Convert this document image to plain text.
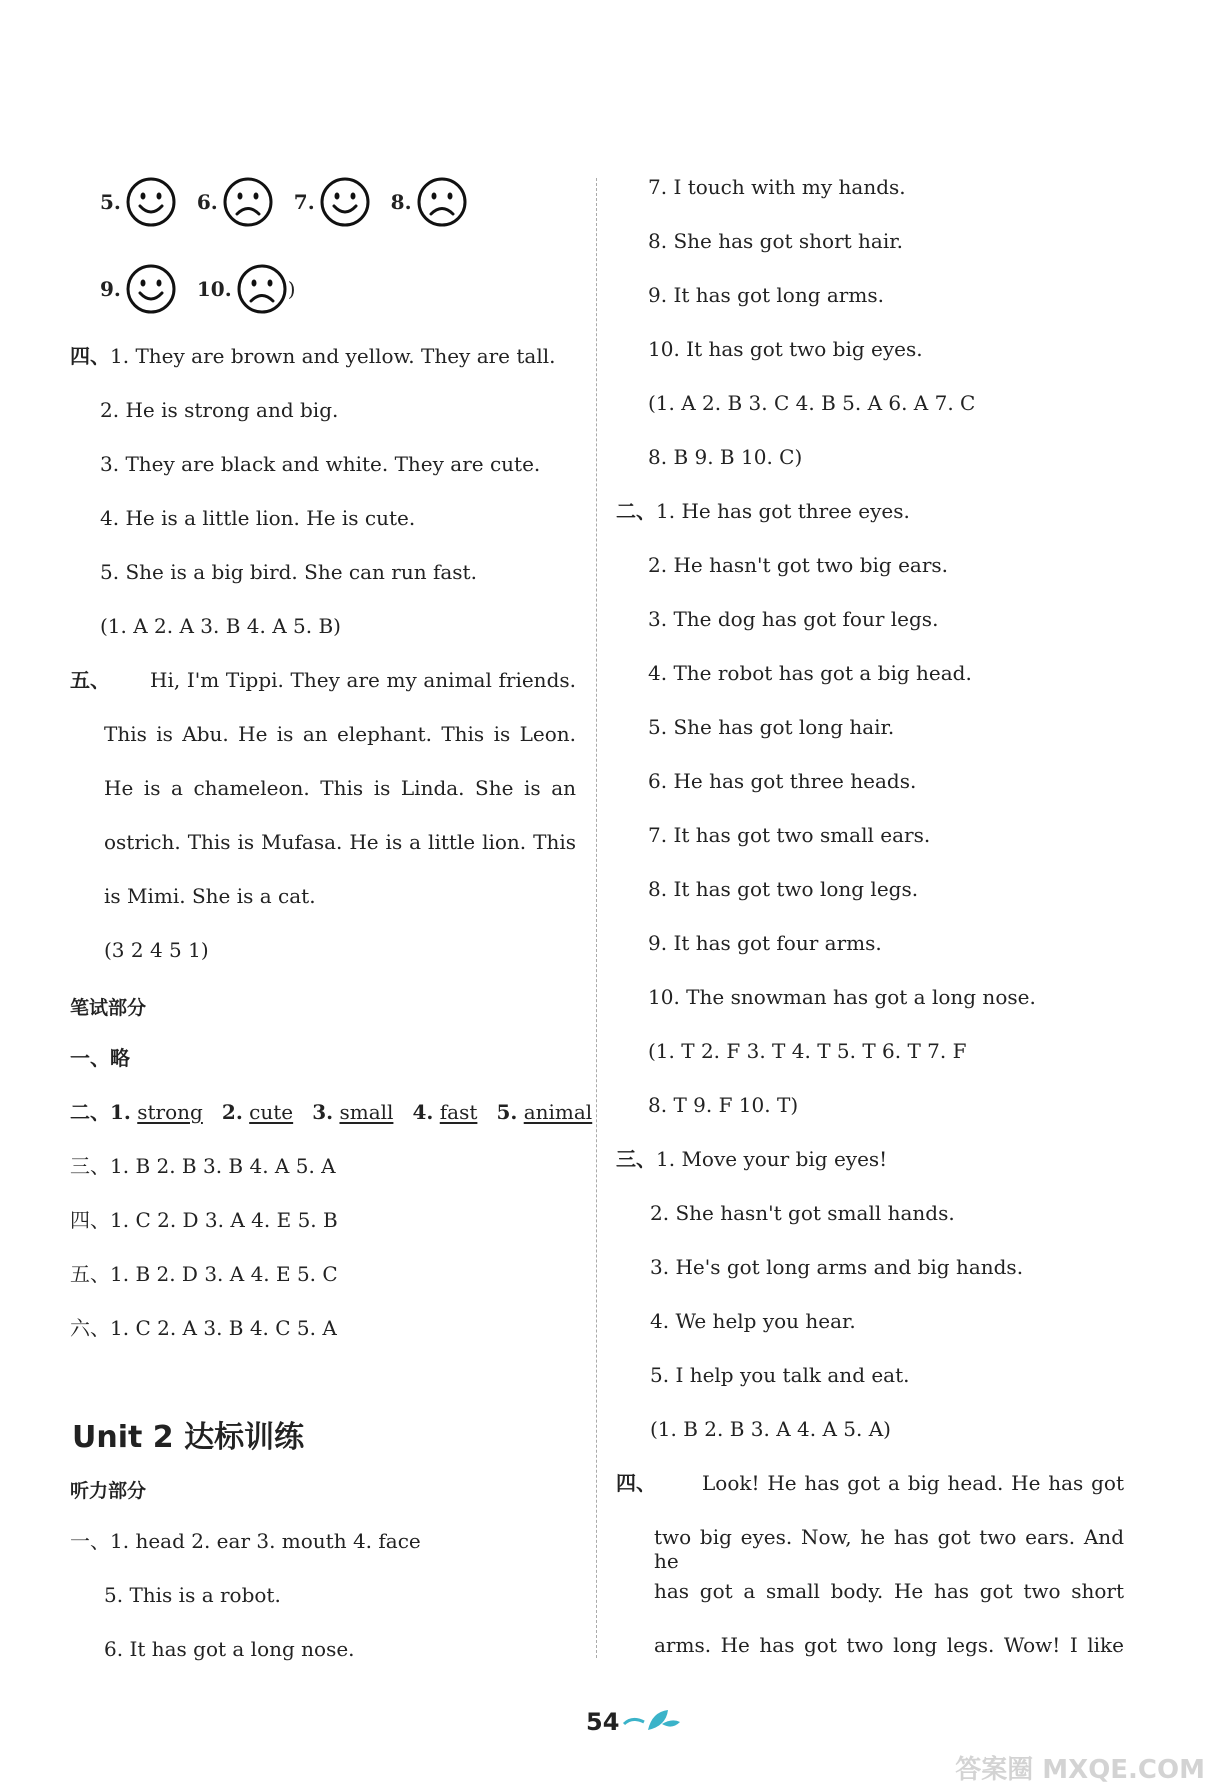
5.	6.	7.	8.
9.	10.	)
四、1. They are brown and yellow. They are tall.
2. He is strong and big.
3. They are black and white. They are cute.
4. He is a little lion. He is cute.
5. She is a big bird. She can run fast.
(1. A 2. A 3. B 4. A 5. B)
五、 Hi, I'm Tippi. They are my animal friends.
This is Abu. He is an elephant. This is Leon.
He is a chameleon. This is Linda. She is an
ostrich. This is Mufasa. He is a little lion. This
is Mimi. She is a cat.
(3 2 4 5 1)
笔试部分
一、略
二、1. strong 2. cute 3. small 4. fast 5. animal
三、1. B 2. B 3. B 4. A 5. A
四、1. C 2. D 3. A 4. E 5. B
五、1. B 2. D 3. A 4. E 5. C
六、1. C 2. A 3. B 4. C 5. A
Unit 2 达标训练
听力部分
一、1. head 2. ear 3. mouth 4. face
5. This is a robot.
6. It has got a long nose.
7. I touch with my hands.
8. She has got short hair.
9. It has got long arms.
10. It has got two big eyes.
(1. A 2. B 3. C 4. B 5. A 6. A 7. C
8. B 9. B 10. C)
二、1. He has got three eyes.
2. He hasn't got two big ears.
3. The dog has got four legs.
4. The robot has got a big head.
5. She has got long hair.
6. He has got three heads.
7. It has got two small ears.
8. It has got two long legs.
9. It has got four arms.
10. The snowman has got a long nose.
(1. T 2. F 3. T 4. T 5. T 6. T 7. F
8. T 9. F 10. T)
三、1. Move your big eyes!
2. She hasn't got small hands.
3. He's got long arms and big hands.
4. We help you hear.
5. I help you talk and eat.
(1. B 2. B 3. A 4. A 5. A)
四、 Look! He has got a big head. He has got
two big eyes. Now, he has got two ears. And he
has got a small body. He has got two short
arms. He has got two long legs. Wow! I like
54
答案圈 MXQE.COM
